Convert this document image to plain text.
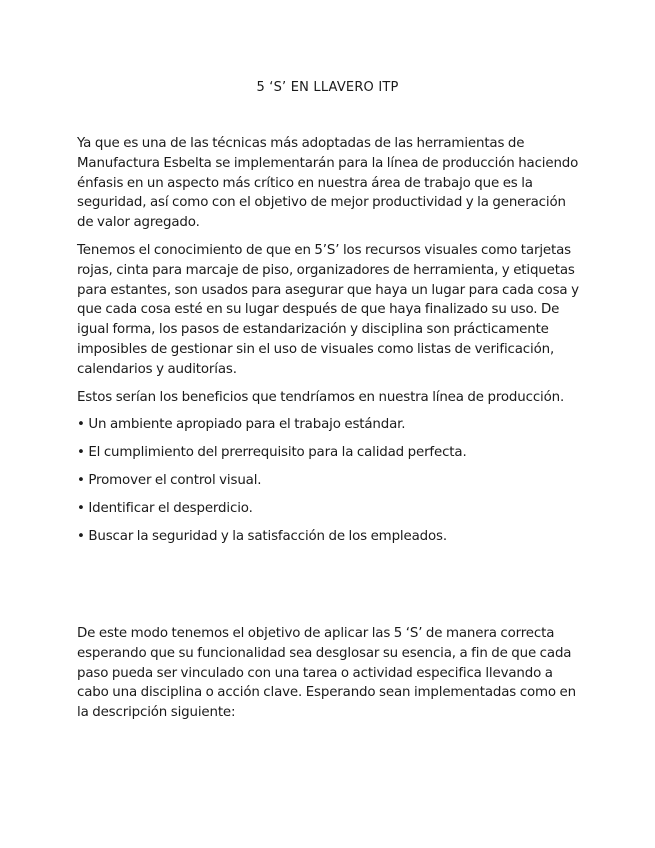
5 ‘S’ EN LLAVERO ITP

Ya que es una de las técnicas más adoptadas de las herramientas de Manufactura Esbelta se implementarán para la línea de producción haciendo énfasis en un aspecto más crítico en nuestra área de trabajo que es la seguridad, así como con el objetivo de mejor productividad y la generación de valor agregado.

Tenemos el conocimiento de que en 5’S’ los recursos visuales como tarjetas rojas, cinta para marcaje de piso, organizadores de herramienta, y etiquetas para estantes, son usados para asegurar que haya un lugar para cada cosa y que cada cosa esté en su lugar después de que haya finalizado su uso. De igual forma, los pasos de estandarización y disciplina son prácticamente imposibles de gestionar sin el uso de visuales como listas de verificación, calendarios y auditorías.

Estos serían los beneficios que tendríamos en nuestra línea de producción.

• Un ambiente apropiado para el trabajo estándar.
• El cumplimiento del prerrequisito para la calidad perfecta.
• Promover el control visual.
• Identificar el desperdicio.
• Buscar la seguridad y la satisfacción de los empleados.

De este modo tenemos el objetivo de aplicar las 5 ‘S’ de manera correcta esperando que su funcionalidad sea desglosar su esencia, a fin de que cada paso pueda ser vinculado con una tarea o actividad especifica llevando a cabo una disciplina o acción clave. Esperando sean implementadas como en la descripción siguiente:
